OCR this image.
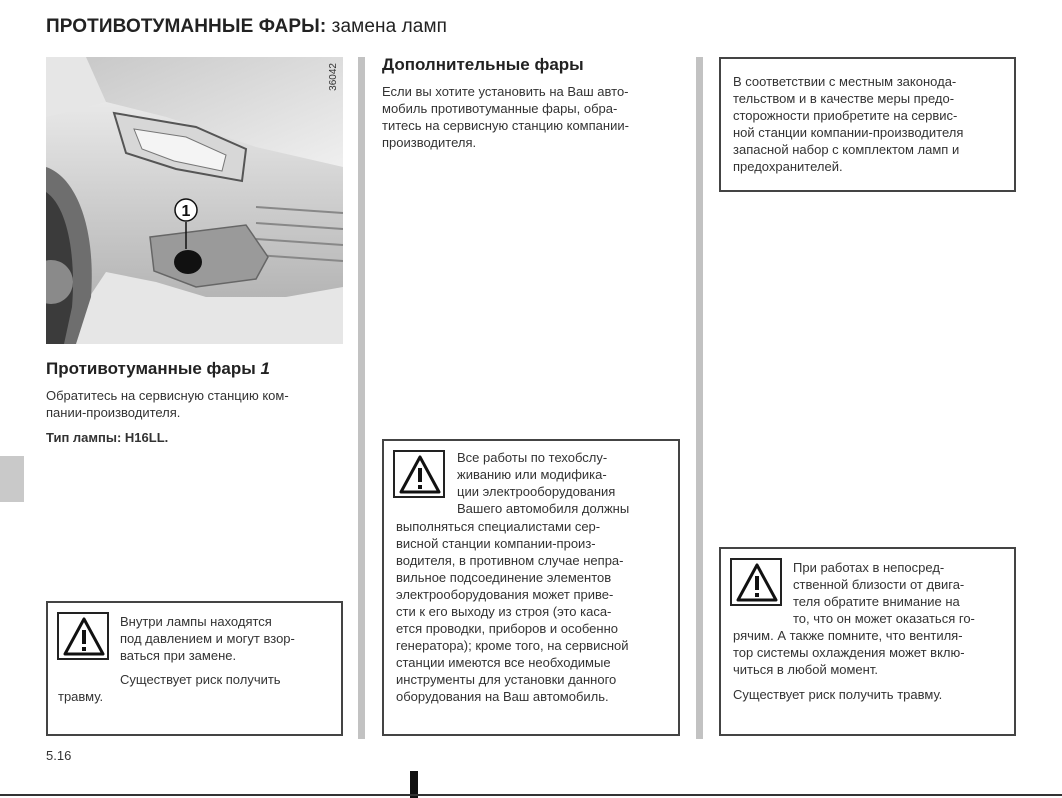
ПРОТИВОТУМАННЫЕ ФАРЫ: замена ламп
1
36042
Противотуманные фары 1
Обратитесь на сервисную станцию ком-
пании-производителя.
Тип лампы: H16LL.
Внутри лампы находятся
под давлением и могут взор-
ваться при замене.
Существует риск получить
травму.
Дополнительные фары
Если вы хотите установить на Ваш авто-
мобиль противотуманные фары, обра-
титесь на сервисную станцию компании-
производителя.
Все работы по техобслу-
живанию или модифика-
ции электрооборудования
Вашего автомобиля должны
выполняться специалистами сер-
висной станции компании-произ-
водителя, в противном случае непра-
вильное подсоединение элементов
электрооборудования может приве-
сти к его выходу из строя (это каса-
ется проводки, приборов и особенно
генератора); кроме того, на сервисной
станции имеются все необходимые
инструменты для установки данного
оборудования на Ваш автомобиль.
В соответствии с местным законода-
тельством и в качестве меры предо-
сторожности приобретите на сервис-
ной станции компании-производителя
запасной набор с комплектом ламп и
предохранителей.
При работах в непосред-
ственной близости от двига-
теля обратите внимание на
то, что он может оказаться го-
рячим. А также помните, что вентиля-
тор системы охлаждения может вклю-
читься в любой момент.
Существует риск получить травму.
5.16
